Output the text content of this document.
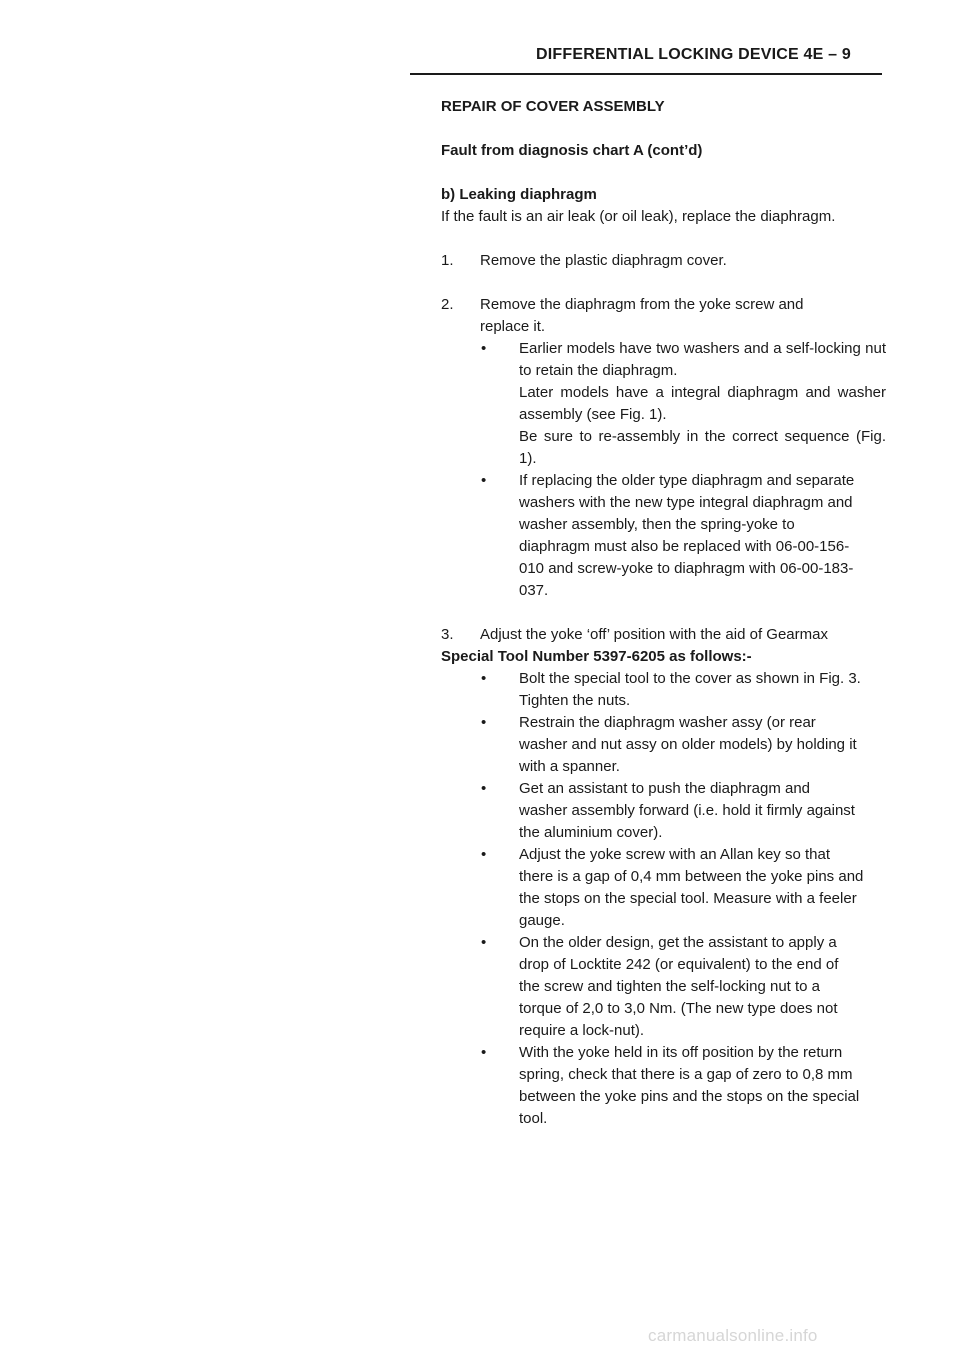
DIFFERENTIAL LOCKING DEVICE 4E – 9

REPAIR OF COVER ASSEMBLY

Fault from diagnosis chart A (cont’d)

b) Leaking diaphragm

If the fault is an air leak (or oil leak), replace the diaphragm.

1. Remove the plastic diaphragm cover.
2. Remove the diaphragm from the yoke screw and
replace it.
• Earlier models have two washers and a self-locking nut to retain the diaphragm.

Later models have a integral diaphragm and washer assembly (see Fig. 1).

Be sure to re-assembly in the correct sequence (Fig. 1).

• If replacing the older type diaphragm and separate
washers with the new type integral diaphragm and
washer assembly, then the spring-yoke to
diaphragm must also be replaced with 06-00-156-
010 and screw-yoke to diaphragm with 06-00-183-
037.
3. Adjust the yoke ‘off’ position with the aid of Gearmax
Special Tool Number 5397-6205 as follows:-
• Bolt the special tool to the cover as shown in Fig. 3.
Tighten the nuts.
• Restrain the diaphragm washer assy (or rear
washer and nut assy on older models) by holding it
with a spanner.
• Get an assistant to push the diaphragm and
washer assembly forward (i.e. hold it firmly against
the aluminium cover).
• Adjust the yoke screw with an Allan key so that
there is a gap of 0,4 mm between the yoke pins and
the stops on the special tool. Measure with a feeler
gauge.
• On the older design, get the assistant to apply a
drop of Locktite 242 (or equivalent) to the end of
the screw and tighten the self-locking nut to a
torque of 2,0 to 3,0 Nm. (The new type does not
require a lock-nut).
• With the yoke held in its off position by the return
spring, check that there is a gap of zero to 0,8 mm
between the yoke pins and the stops on the special
tool.
carmanualsonline.info
